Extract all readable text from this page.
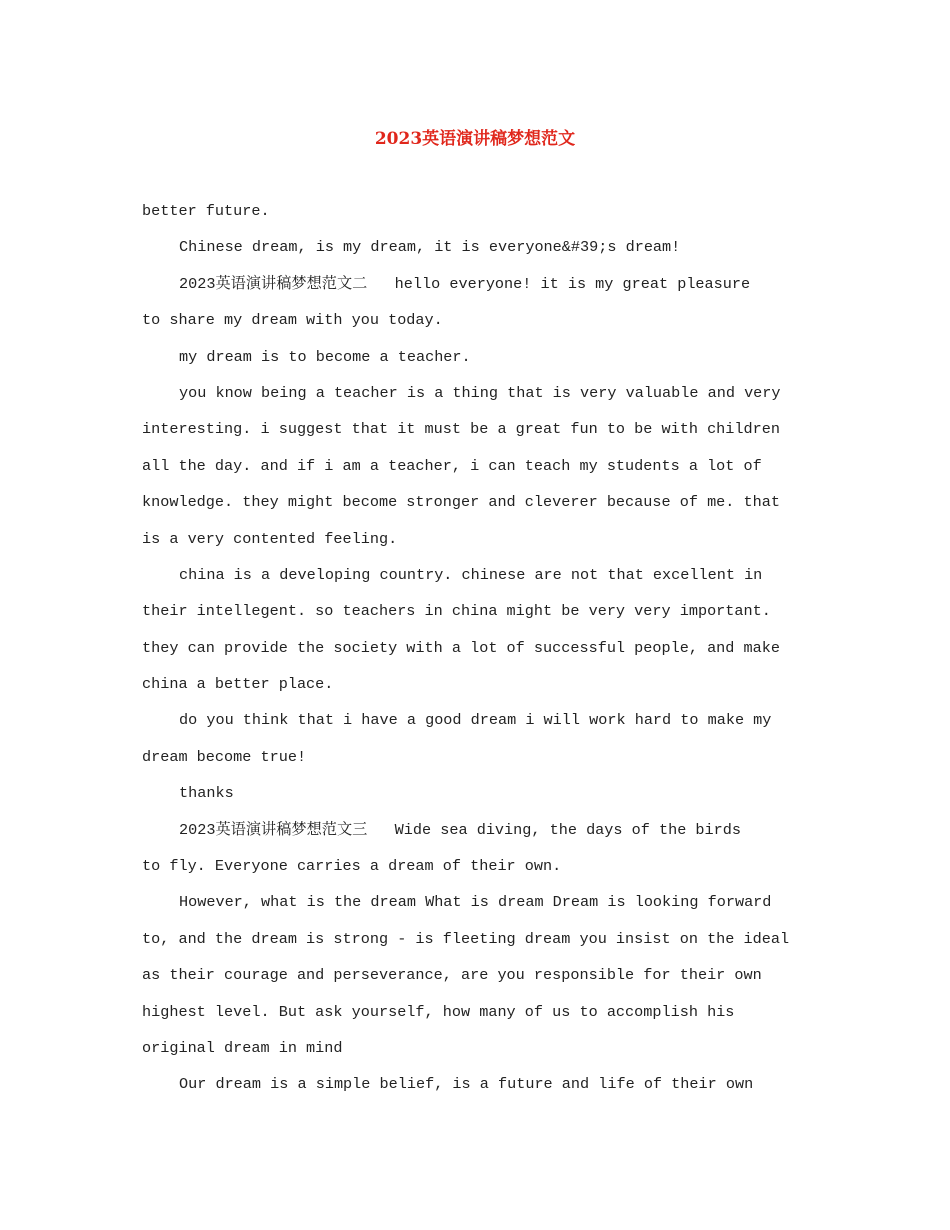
2023英语演讲稿梦想范文
better future.
Chinese dream, is my dream, it is everyone&#39;s dream!
2023英语演讲稿梦想范文二   hello everyone! it is my great pleasure
to share my dream with you today.
my dream is to become a teacher.
you know being a teacher is a thing that is very valuable and very
interesting. i suggest that it must be a great fun to be with children
all the day. and if i am a teacher, i can teach my students a lot of
knowledge. they might become stronger and cleverer because of me. that
is a very contented feeling.
china is a developing country. chinese are not that excellent in
their intellegent. so teachers in china might be very very important.
they can provide the society with a lot of successful people, and make
china a better place.
do you think that i have a good dream i will work hard to make my
dream become true!
thanks
2023英语演讲稿梦想范文三   Wide sea diving, the days of the birds
to fly. Everyone carries a dream of their own.
However, what is the dream What is dream Dream is looking forward
to, and the dream is strong - is fleeting dream you insist on the ideal
as their courage and perseverance, are you responsible for their own
highest level. But ask yourself, how many of us to accomplish his
original dream in mind
Our dream is a simple belief, is a future and life of their own
